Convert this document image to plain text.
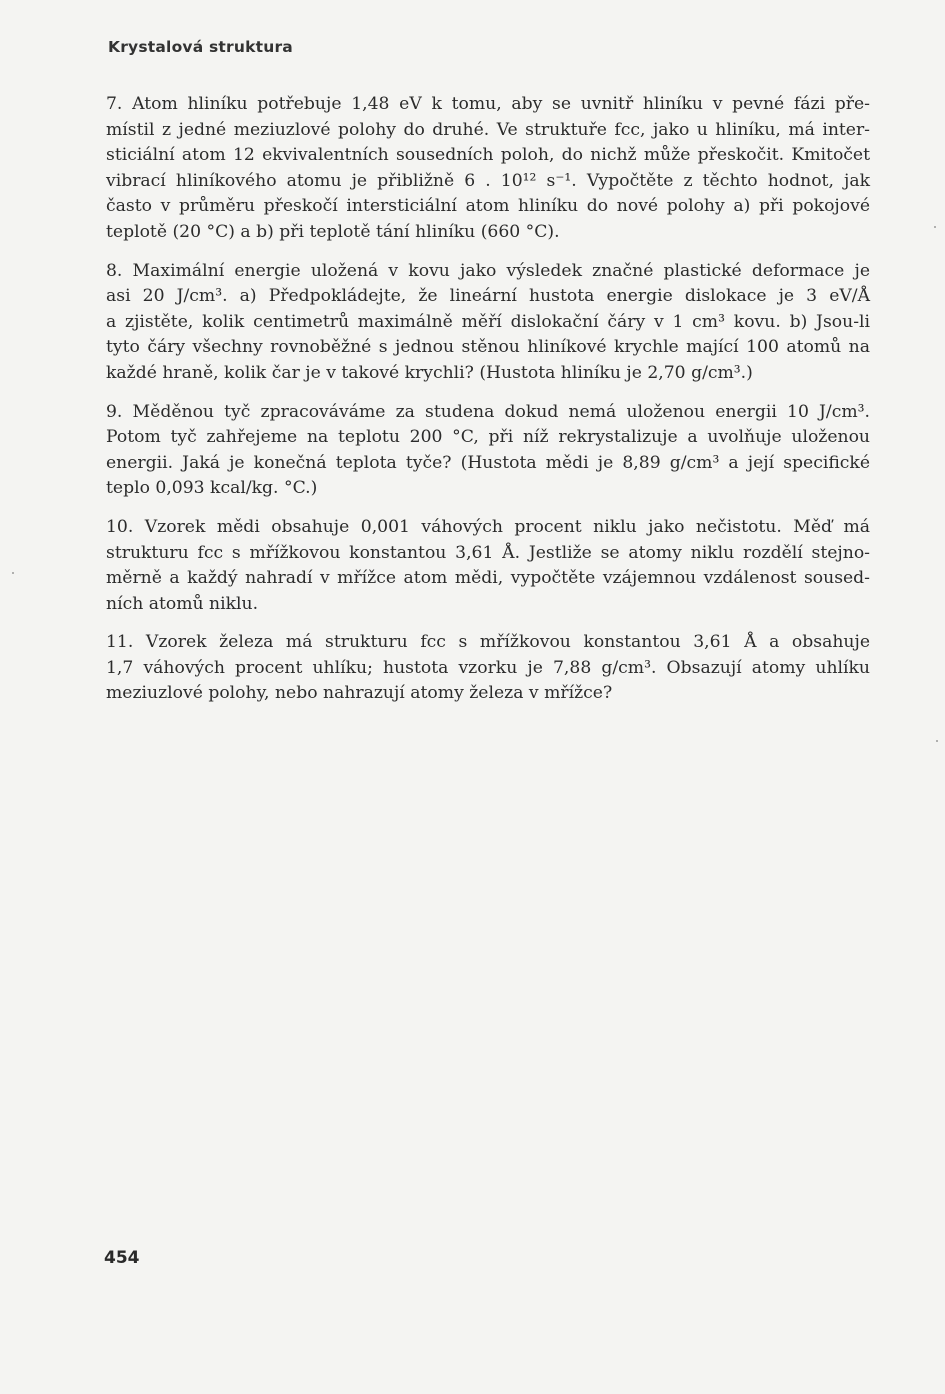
Krystalová struktura
7. Atom hliníku potřebuje 1,48 eV k tomu, aby se uvnitř hliníku v pevné fázi pře-
místil z jedné meziuzlové polohy do druhé. Ve struktuře fcc, jako u hliníku, má inter-
sticiální atom 12 ekvivalentních sousedních poloh, do nichž může přeskočit. Kmitočet
vibrací hliníkového atomu je přibližně 6 . 10¹² s⁻¹. Vypočtěte z těchto hodnot, jak
často v průměru přeskočí intersticiální atom hliníku do nové polohy a) při pokojové
teplotě (20 °C) a b) při teplotě tání hliníku (660 °C).
8. Maximální energie uložená v kovu jako výsledek značné plastické deformace je
asi 20 J/cm³. a) Předpokládejte, že lineární hustota energie dislokace je 3 eV/Å
a zjistěte, kolik centimetrů maximálně měří dislokační čáry v 1 cm³ kovu. b) Jsou-li
tyto čáry všechny rovnoběžné s jednou stěnou hliníkové krychle mající 100 atomů na
každé hraně, kolik čar je v takové krychli? (Hustota hliníku je 2,70 g/cm³.)
9. Měděnou tyč zpracováváme za studena dokud nemá uloženou energii 10 J/cm³.
Potom tyč zahřejeme na teplotu 200 °C, při níž rekrystalizuje a uvolňuje uloženou
energii. Jaká je konečná teplota tyče? (Hustota mědi je 8,89 g/cm³ a její specifické
teplo 0,093 kcal/kg. °C.)
10. Vzorek mědi obsahuje 0,001 váhových procent niklu jako nečistotu. Měď má
strukturu fcc s mřížkovou konstantou 3,61 Å. Jestliže se atomy niklu rozdělí stejno-
měrně a každý nahradí v mřížce atom mědi, vypočtěte vzájemnou vzdálenost soused-
ních atomů niklu.
11. Vzorek železa má strukturu fcc s mřížkovou konstantou 3,61 Å a obsahuje
1,7 váhových procent uhlíku; hustota vzorku je 7,88 g/cm³. Obsazují atomy uhlíku
meziuzlové polohy, nebo nahrazují atomy železa v mřížce?
454
